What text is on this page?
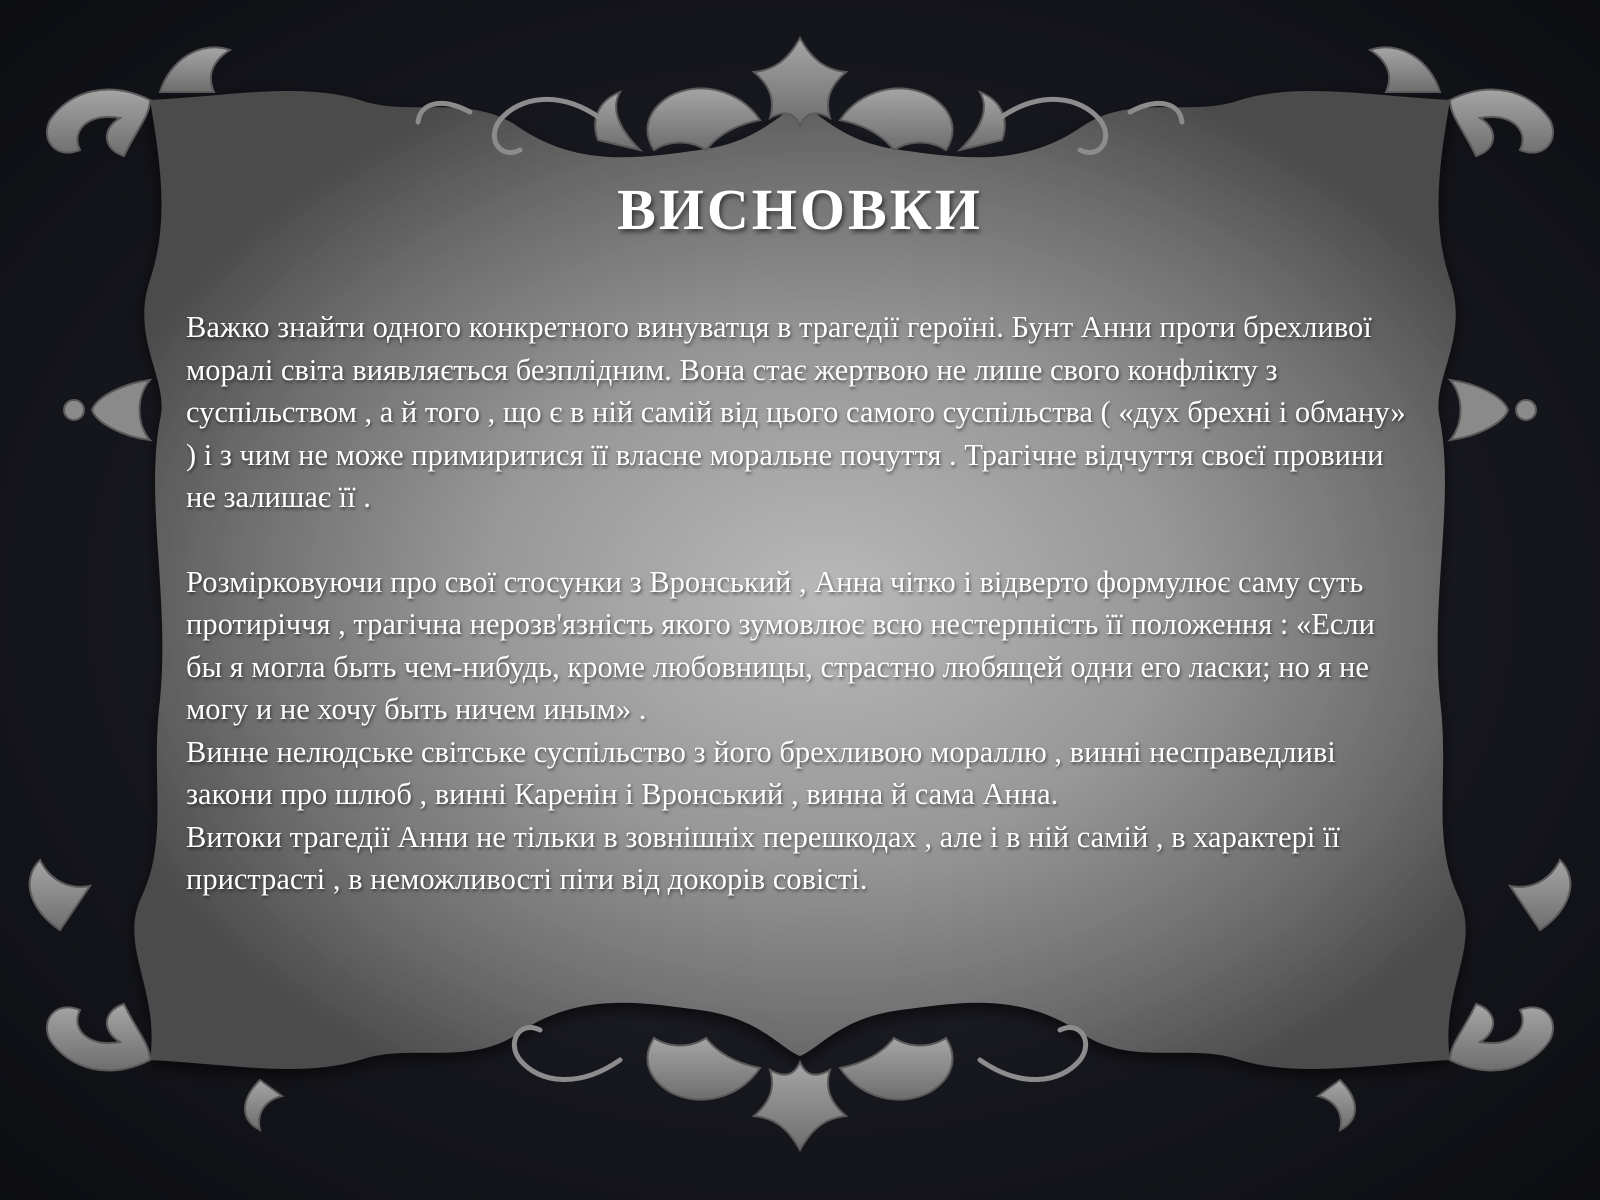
ВИСНОВКИ

Важко знайти одного конкретного винуватця в трагедії героїні. Бунт Анни проти брехливої моралі світа виявляється безплідним. Вона стає жертвою не лише свого конфлікту з суспільством , а й того , що є в ній самій від цього самого суспільства ( «дух брехні і обману» ) і з чим не може примиритися її власне моральне почуття . Трагічне відчуття своєї провини не залишає її .

Розмірковуючи про свої стосунки з Вронський , Анна чітко і відверто формулює саму суть протиріччя , трагічна нерозв'язність якого зумовлює всю нестерпність її положення : «Если бы я могла быть чем-нибудь, кроме любовницы, страстно любящей одни его ласки; но я не могу и не хочу быть ничем иным» .

Винне нелюдське світське суспільство з його брехливою мораллю , винні несправедливі закони про шлюб , винні Каренін і Вронський , винна й сама Анна.

Витоки трагедії Анни не тільки в зовнішніх перешкодах , але і в ній самій , в характері її пристрасті , в неможливості піти від докорів совісті.
